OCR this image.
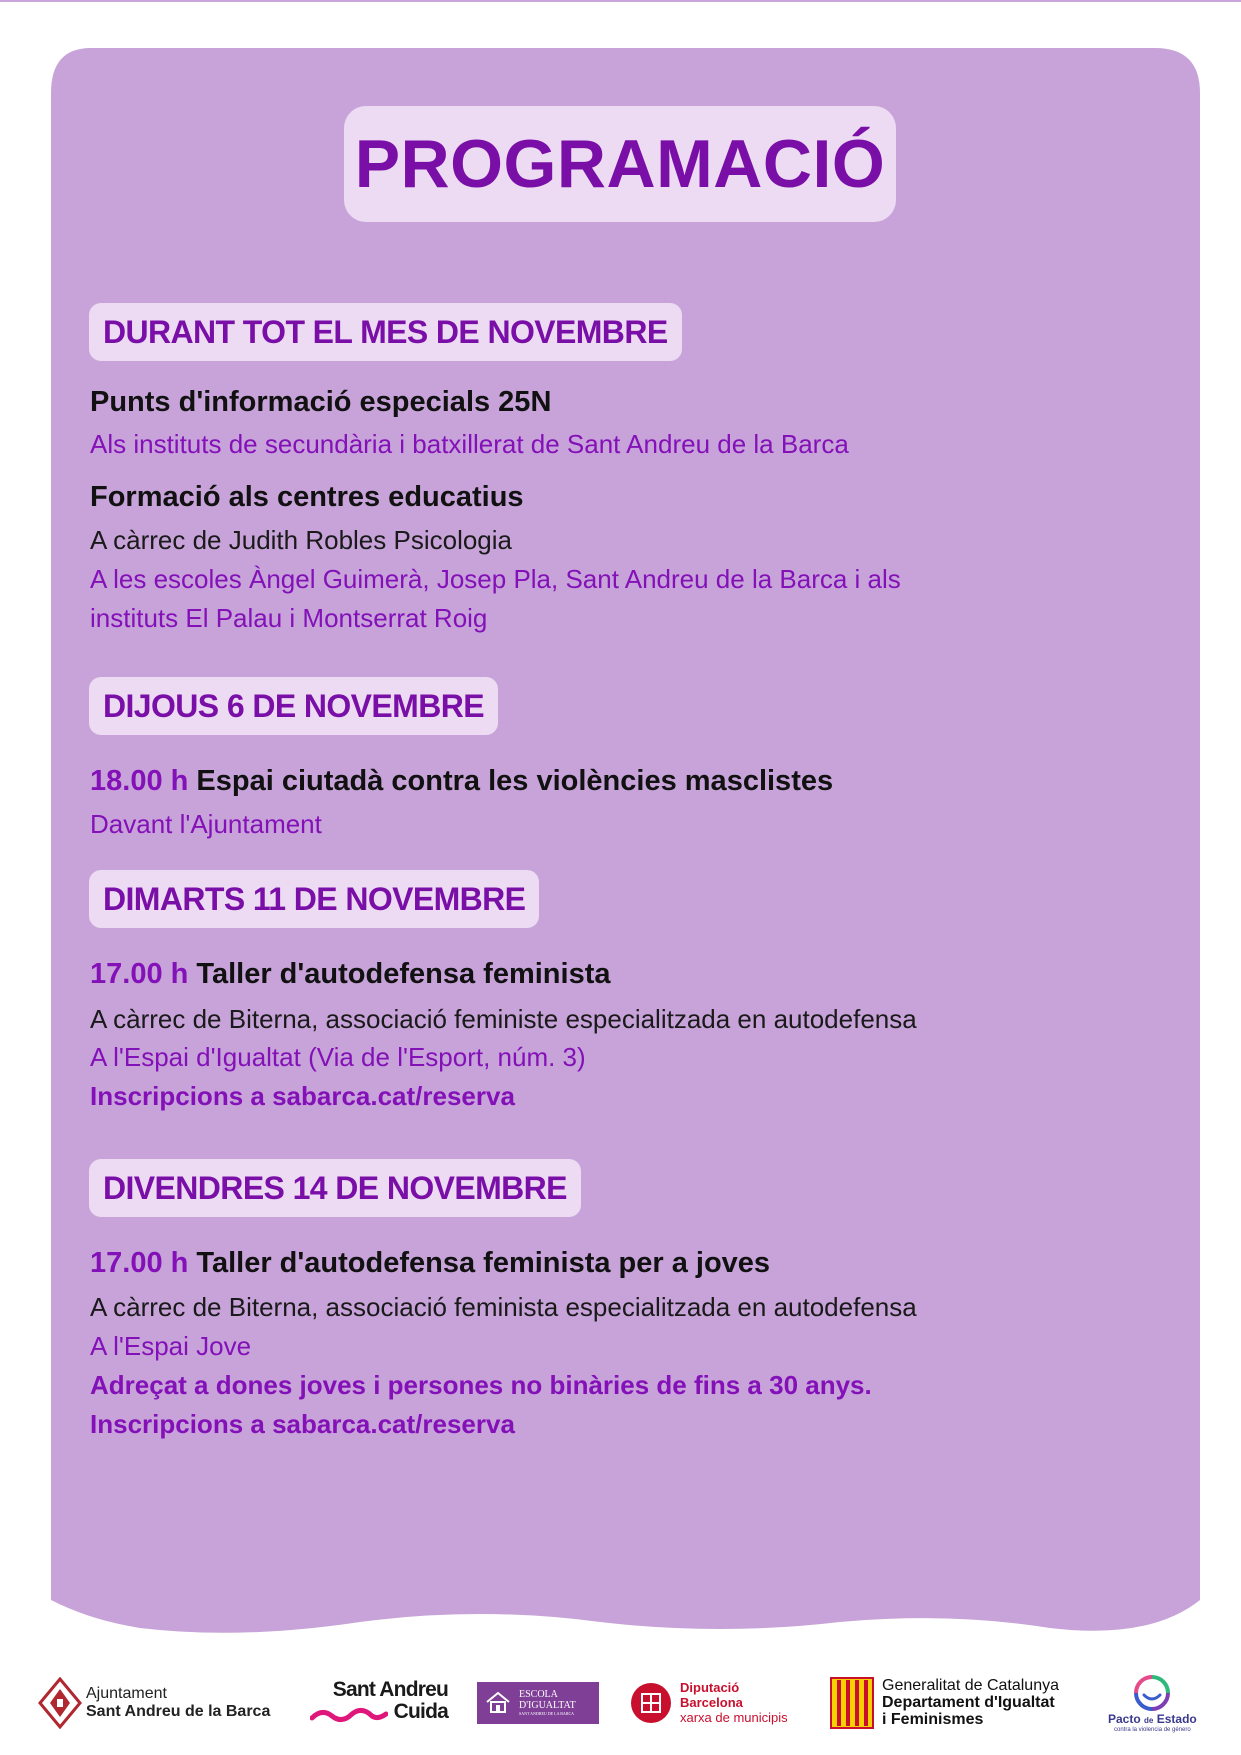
PROGRAMACIÓ
DURANT TOT EL MES DE NOVEMBRE
Punts d'informació especials 25N
Als instituts de secundària i batxillerat de Sant Andreu de la Barca
Formació als centres educatius
A càrrec de Judith Robles Psicologia
A les escoles Àngel Guimerà, Josep Pla, Sant Andreu de la Barca i als
instituts El Palau i Montserrat Roig
DIJOUS 6 DE NOVEMBRE
18.00 h Espai ciutadà contra les violències masclistes
Davant l'Ajuntament
DIMARTS 11 DE NOVEMBRE
17.00 h Taller d'autodefensa feminista
A càrrec de Biterna, associació feministe especialitzada en autodefensa
A l'Espai d'Igualtat (Via de l'Esport, núm. 3)
Inscripcions a sabarca.cat/reserva
DIVENDRES 14 DE NOVEMBRE
17.00 h Taller d'autodefensa feminista per a joves
A càrrec de Biterna, associació feminista especialitzada en autodefensa
A l'Espai Jove
Adreçat a dones joves i persones no binàries de fins a 30 anys.
Inscripcions a sabarca.cat/reserva
Ajuntament
Sant Andreu de la Barca
Sant Andreu
Cuida
ESCOLA
D'IGUALTAT
SANT ANDREU DE LA BARCA
Diputació
Barcelona
xarxa de municipis
Generalitat de Catalunya
Departament d'Igualtat
i Feminismes	Pacto de Estado
contra la violencia de género
